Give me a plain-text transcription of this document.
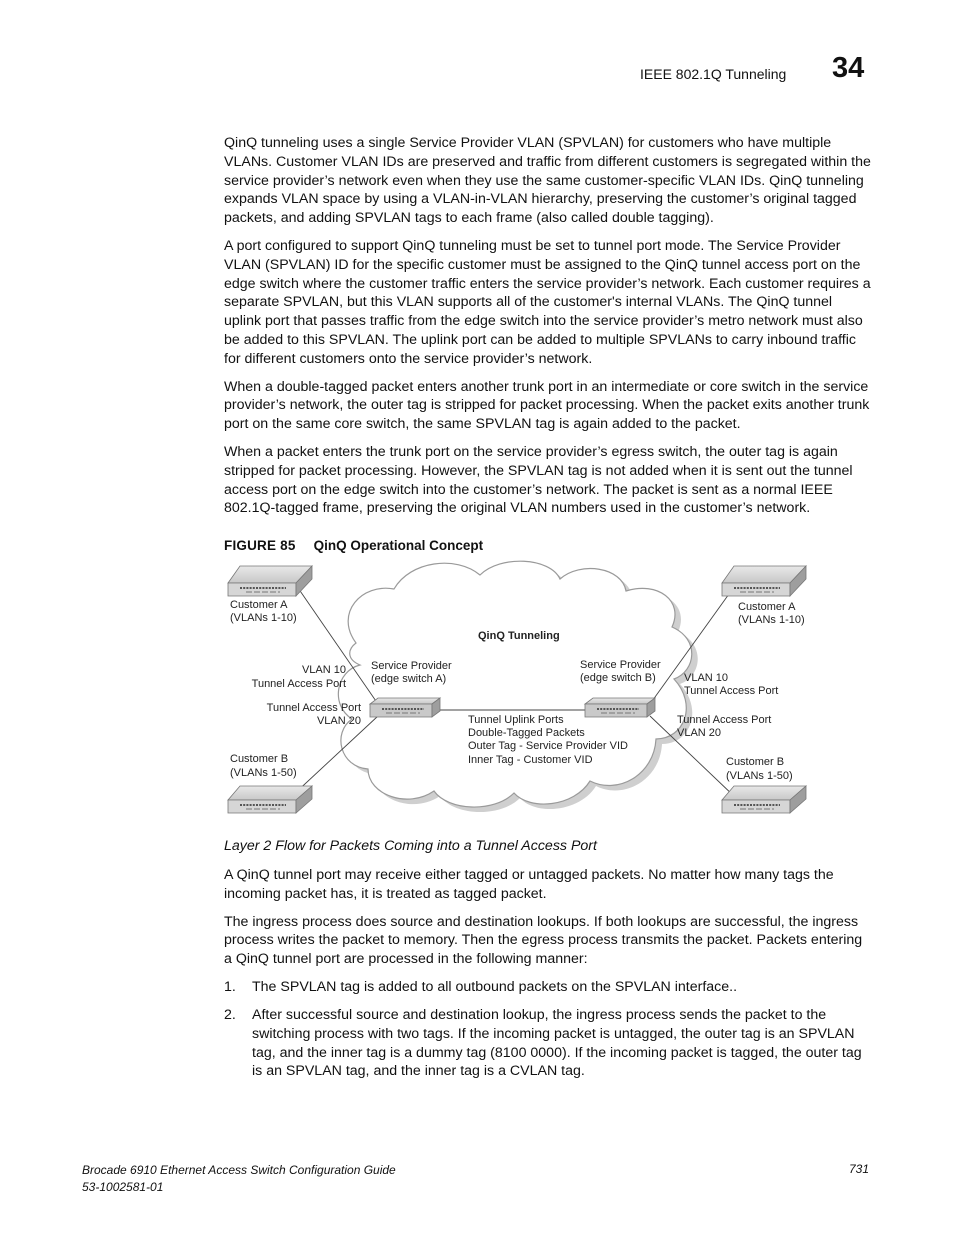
IEEE 802.1Q Tunneling 34

QinQ tunneling uses a single Service Provider VLAN (SPVLAN) for customers who have multiple VLANs. Customer VLAN IDs are preserved and traffic from different customers is segregated within the service provider’s network even when they use the same customer-specific VLAN IDs. QinQ tunneling expands VLAN space by using a VLAN-in-VLAN hierarchy, preserving the customer’s original tagged packets, and adding SPVLAN tags to each frame (also called double tagging).

A port configured to support QinQ tunneling must be set to tunnel port mode. The Service Provider VLAN (SPVLAN) ID for the specific customer must be assigned to the QinQ tunnel access port on the edge switch where the customer traffic enters the service provider’s network. Each customer requires a separate SPVLAN, but this VLAN supports all of the customer's internal VLANs. The QinQ tunnel uplink port that passes traffic from the edge switch into the service provider’s metro network must also be added to this SPVLAN. The uplink port can be added to multiple SPVLANs to carry inbound traffic for different customers onto the service provider’s network.

When a double-tagged packet enters another trunk port in an intermediate or core switch in the service provider’s network, the outer tag is stripped for packet processing. When the packet exits another trunk port on the same core switch, the same SPVLAN tag is again added to the packet.

When a packet enters the trunk port on the service provider’s egress switch, the outer tag is again stripped for packet processing. However, the SPVLAN tag is not added when it is sent out the tunnel access port on the edge switch into the customer’s network. The packet is sent as a normal IEEE 802.1Q-tagged frame, preserving the original VLAN numbers used in the customer’s network.

FIGURE 85 QinQ Operational Concept
QinQ Tunneling
Customer A
(VLANs 1-10)
Customer A
(VLANs 1-10)
Customer B
(VLANs 1-50)
Customer B
(VLANs 1-50)
Service Provider
(edge switch A)
Service Provider
(edge switch B)
VLAN 10
Tunnel Access Port
Tunnel Access Port
VLAN 20
VLAN 10
Tunnel Access Port
Tunnel Access Port
VLAN 20
Tunnel Uplink Ports
Double-Tagged Packets
Outer Tag - Service Provider VID
Inner Tag - Customer VID
Layer 2 Flow for Packets Coming into a Tunnel Access Port

A QinQ tunnel port may receive either tagged or untagged packets. No matter how many tags the incoming packet has, it is treated as tagged packet.

The ingress process does source and destination lookups. If both lookups are successful, the ingress process writes the packet to memory. Then the egress process transmits the packet. Packets entering a QinQ tunnel port are processed in the following manner:

1. The SPVLAN tag is added to all outbound packets on the SPVLAN interface..
2. After successful source and destination lookup, the ingress process sends the packet to the switching process with two tags. If the incoming packet is untagged, the outer tag is an SPVLAN tag, and the inner tag is a dummy tag (8100 0000). If the incoming packet is tagged, the outer tag is an SPVLAN tag, and the inner tag is a CVLAN tag.
Brocade 6910 Ethernet Access Switch Configuration Guide
53-1002581-01
731
